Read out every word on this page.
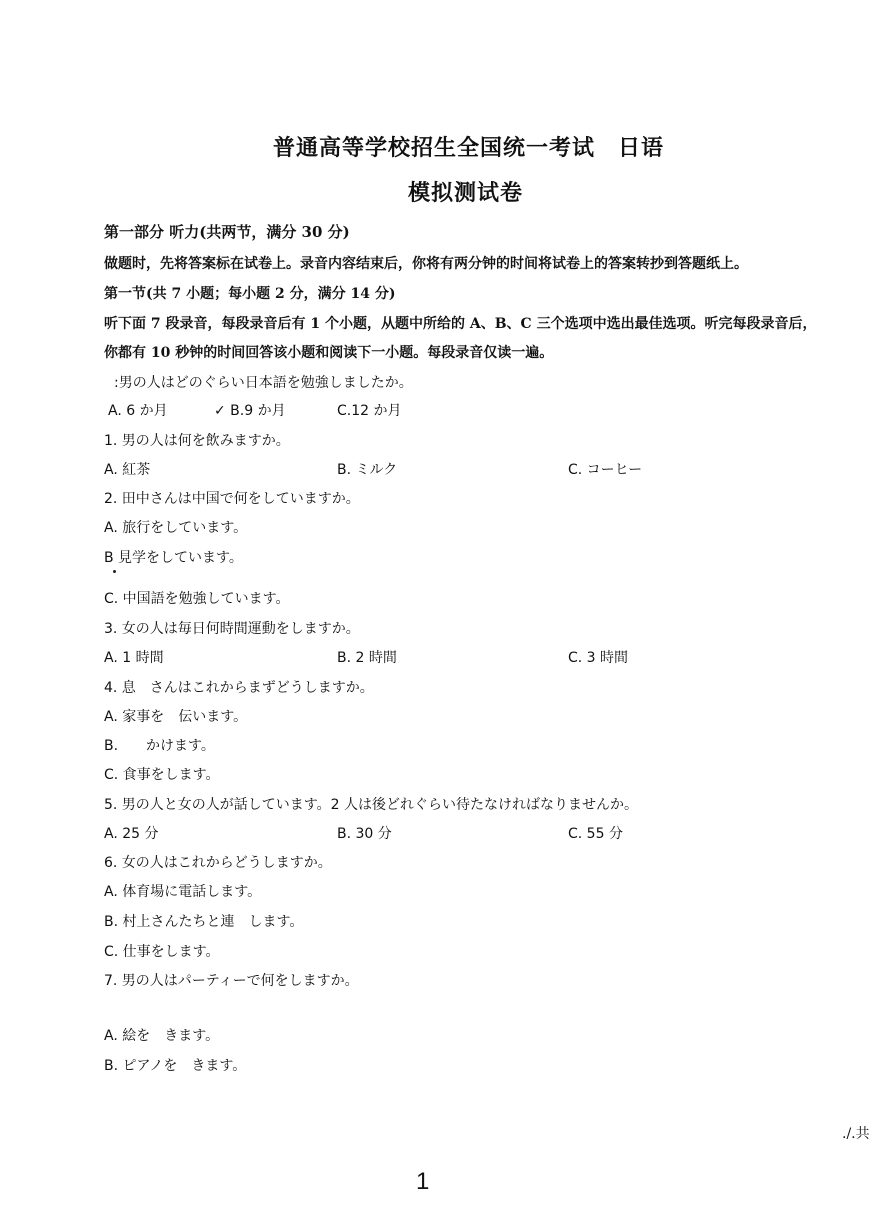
普通高等学校招生全国统一考试　日语
模拟测试卷
第一部分 听力(共两节，满分 30 分)
做题时，先将答案标在试卷上。录音内容结束后，你将有两分钟的时间将试卷上的答案转抄到答题纸上。
第一节(共 7 小题；每小题 2 分，满分 14 分)
听下面 7 段录音，每段录音后有 1 个小题，从题中所给的 A、B、C 三个选项中选出最佳选项。听完每段录音后，
你都有 10 秒钟的时间回答该小题和阅读下一小题。每段录音仅读一遍。
:男の人はどのぐらい日本語を勉強しましたか。
A. 6 か月	✓ B.9 か月	C.12 か月
1. 男の人は何を飲みますか。
A. 紅茶	B. ミルク	C. コーヒー
2. 田中さんは中国で何をしていますか。
A. 旅行をしています。
B 見学をしています。
C. 中国語を勉強しています。
3. 女の人は毎日何時間運動をしますか。
A. 1 時間	B. 2 時間	C. 3 時間
4. 息　さんはこれからまずどうしますか。
A. 家事を　伝います。
B.　　かけます。
C. 食事をします。
5. 男の人と女の人が話しています。2 人は後どれぐらい待たなければなりませんか。
A. 25 分	B. 30 分	C. 55 分
6. 女の人はこれからどうしますか。
A. 体育場に電話します。
B. 村上さんたちと連　します。
C. 仕事をします。
7. 男の人はパーティーで何をしますか。
A. 絵を　きます。
B. ピアノを　きます。
./.共
1
